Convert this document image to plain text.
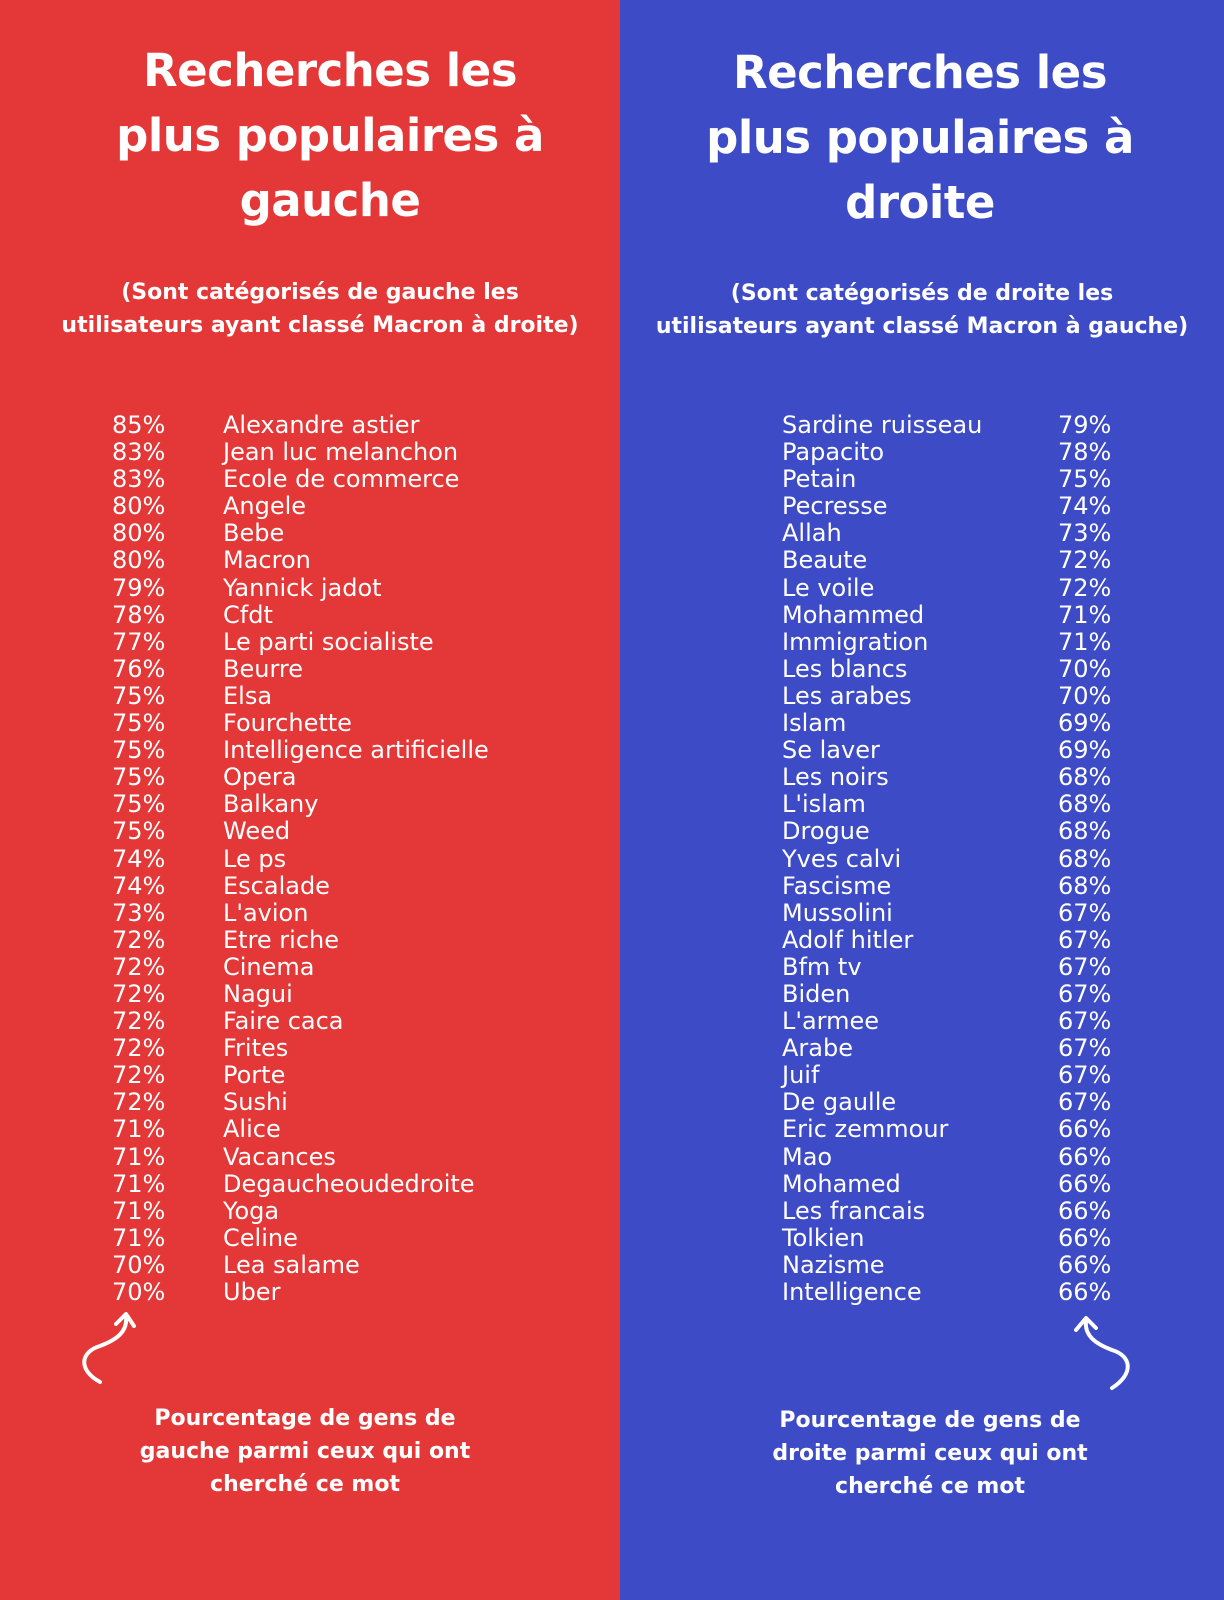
Recherches les
plus populaires à
gauche
(Sont catégorisés de gauche les
utilisateurs ayant classé Macron à droite)
85% Alexandre astier
83% Jean luc melanchon
83% Ecole de commerce
80% Angele
80% Bebe
80% Macron
79% Yannick jadot
78% Cfdt
77% Le parti socialiste
76% Beurre
75% Elsa
75% Fourchette
75% Intelligence artificielle
75% Opera
75% Balkany
75% Weed
74% Le ps
74% Escalade
73% L'avion
72% Etre riche
72% Cinema
72% Nagui
72% Faire caca
72% Frites
72% Porte
72% Sushi
71% Alice
71% Vacances
71% Degaucheoudedroite
71% Yoga
71% Celine
70% Lea salame
70% Uber
Pourcentage de gens de
gauche parmi ceux qui ont
cherché ce mot
Recherches les
plus populaires à
droite
(Sont catégorisés de droite les
utilisateurs ayant classé Macron à gauche)
79%
Sardine ruisseau
78%
Papacito
75%
Petain
74%
Pecresse
73%
Allah
72%
Beaute
72%
Le voile
71%
Mohammed
71%
Immigration
70%
Les blancs
70%
Les arabes
69%
Islam
69%
Se laver
68%
Les noirs
68%
L'islam
68%
Drogue
68%
Yves calvi
68%
Fascisme
67%
Mussolini
67%
Adolf hitler
67%
Bfm tv
67%
Biden
67%
L'armee
67%
Arabe
67%
Juif
67%
De gaulle
66%
Eric zemmour
66%
Mao
66%
Mohamed
66%
Les francais
66%
Tolkien
66%
Nazisme
66%
Intelligence
Pourcentage de gens de
droite parmi ceux qui ont
cherché ce mot
